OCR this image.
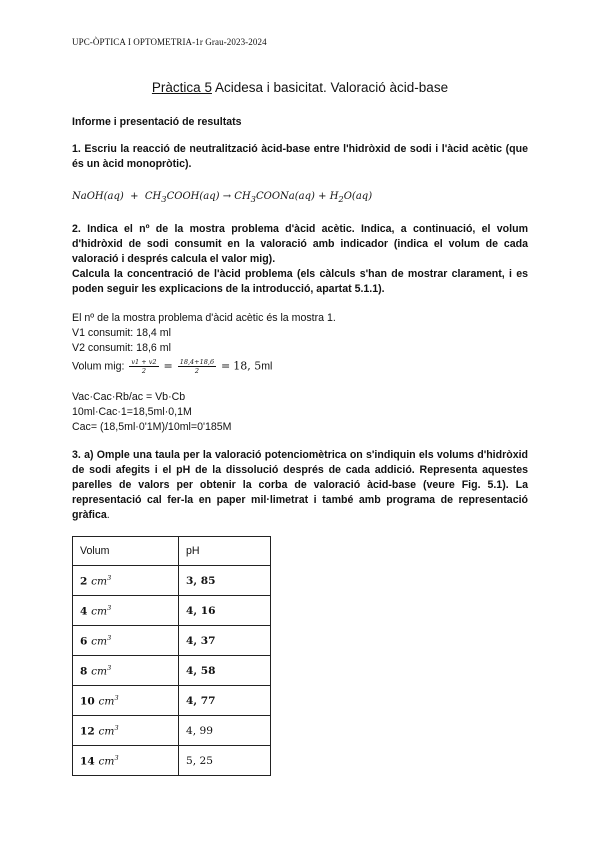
UPC-ÒPTICA I OPTOMETRIA-1r Grau-2023-2024
Pràctica 5 Acidesa i basicitat. Valoració àcid-base
Informe i presentació de resultats
1. Escriu la reacció de neutralització àcid-base entre l'hidròxid de sodi i l'àcid acètic (que és un àcid monopròtic).
NaOH(aq) + $CH_3COOH(aq)$ → $CH_3COONa(aq) + H_2O(aq)$
2. Indica el nº de la mostra problema d'àcid acètic. Indica, a continuació, el volum d'hidròxid de sodi consumit en la valoració amb indicador (indica el volum de cada valoració i després calcula el valor mig).
Calcula la concentració de l'àcid problema (els càlculs s'han de mostrar clarament, i es poden seguir les explicacions de la introducció, apartat 5.1.1).
El nº de la mostra problema d'àcid acètic és la mostra 1.
V1 consumit: 18,4 ml
V2 consumit: 18,6 ml
Volum mig: $\frac{v1 + v2}{2} = \frac{18,4+18,6}{2} = 18$, 5ml
Vac·Cac·Rb/ac = Vb·Cb
10ml·Cac·1=18,5ml·0,1M
Cac= (18,5ml·0'1M)/10ml=0'185M
3. a) Omple una taula per la valoració potenciomètrica on s'indiquin els volums d'hidròxid de sodi afegits i el pH de la dissolució després de cada addició. Representa aquestes parelles de valors per obtenir la corba de valoració àcid-base (veure Fig. 5.1). La representació cal fer-la en paper mil·limetrat i també amb programa de representació gràfica.
Volum	pH
2 $cm^3$	3, 85
4 $cm^3$	4, 16
6 $cm^3$	4, 37
8 $cm^3$	4, 58
10 $cm^3$	4, 77
12 $cm^3$	4, 99
14 $cm^3$	5, 25
